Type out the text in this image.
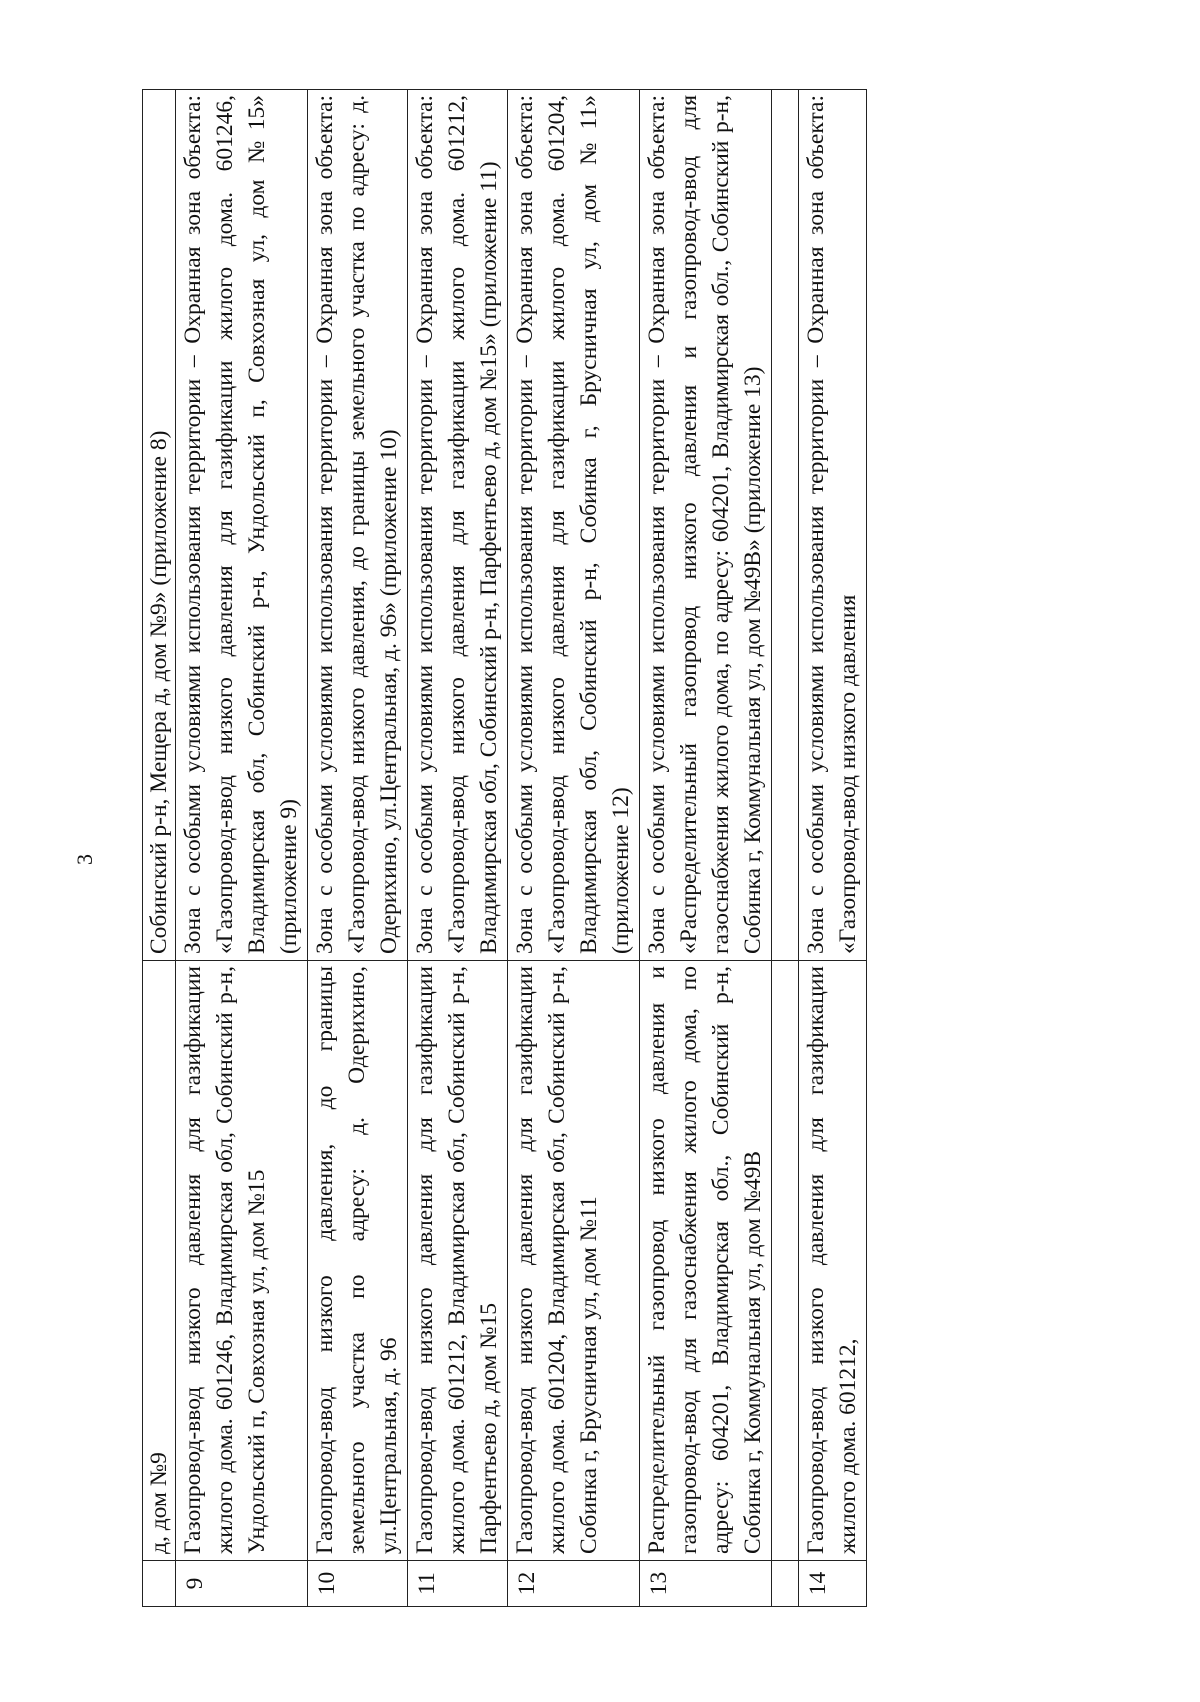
3
	д, дом №9	Собинский р-н, Мещера д, дом №9» (приложение 8)
9	Газопровод-ввод низкого давления для газификации жилого дома. 601246, Владимирская обл, Собинский р-н, Ундольский п, Совхозная ул, дом №15	Зона с особыми условиями использования территории – Охранная зона объекта: «Газопровод-ввод низкого давления для газификации жилого дома. 601246, Владимирская обл, Собинский р-н, Ундольский п, Совхозная ул, дом №15» (приложение 9)
10	Газопровод-ввод низкого давления, до границы земельного участка по адресу: д. Одерихино, ул.Центральная, д. 96	Зона с особыми условиями использования территории – Охранная зона объекта: «Газопровод-ввод низкого давления, до границы земельного участка по адресу: д. Одерихино, ул.Центральная, д. 96» (приложение 10)
11	Газопровод-ввод низкого давления для газификации жилого дома. 601212, Владимирская обл, Собинский р-н, Парфентьево д, дом №15	Зона с особыми условиями использования территории – Охранная зона объекта: «Газопровод-ввод низкого давления для газификации жилого дома. 601212, Владимирская обл, Собинский р-н, Парфентьево д, дом №15» (приложение 11)
12	Газопровод-ввод низкого давления для газификации жилого дома. 601204, Владимирская обл, Собинский р-н, Собинка г, Брусничная ул, дом №11	Зона с особыми условиями использования территории – Охранная зона объекта: «Газопровод-ввод низкого давления для газификации жилого дома. 601204, Владимирская обл, Собинский р-н, Собинка г, Брусничная ул, дом №11» (приложение 12)
13	Распределительный газопровод низкого давления и газопровод-ввод для газоснабжения жилого дома, по адресу: 604201, Владимирская обл., Собинский р-н, Собинка г, Коммунальная ул, дом №49В	Зона с особыми условиями использования территории – Охранная зона объекта: «Распределительный газопровод низкого давления и газопровод-ввод для газоснабжения жилого дома, по адресу: 604201, Владимирская обл., Собинский р-н, Собинка г, Коммунальная ул, дом №49В» (приложение 13)

14	Газопровод-ввод низкого давления для газификации жилого дома. 601212,	Зона с особыми условиями использования территории – Охранная зона объекта: «Газопровод-ввод низкого давления
